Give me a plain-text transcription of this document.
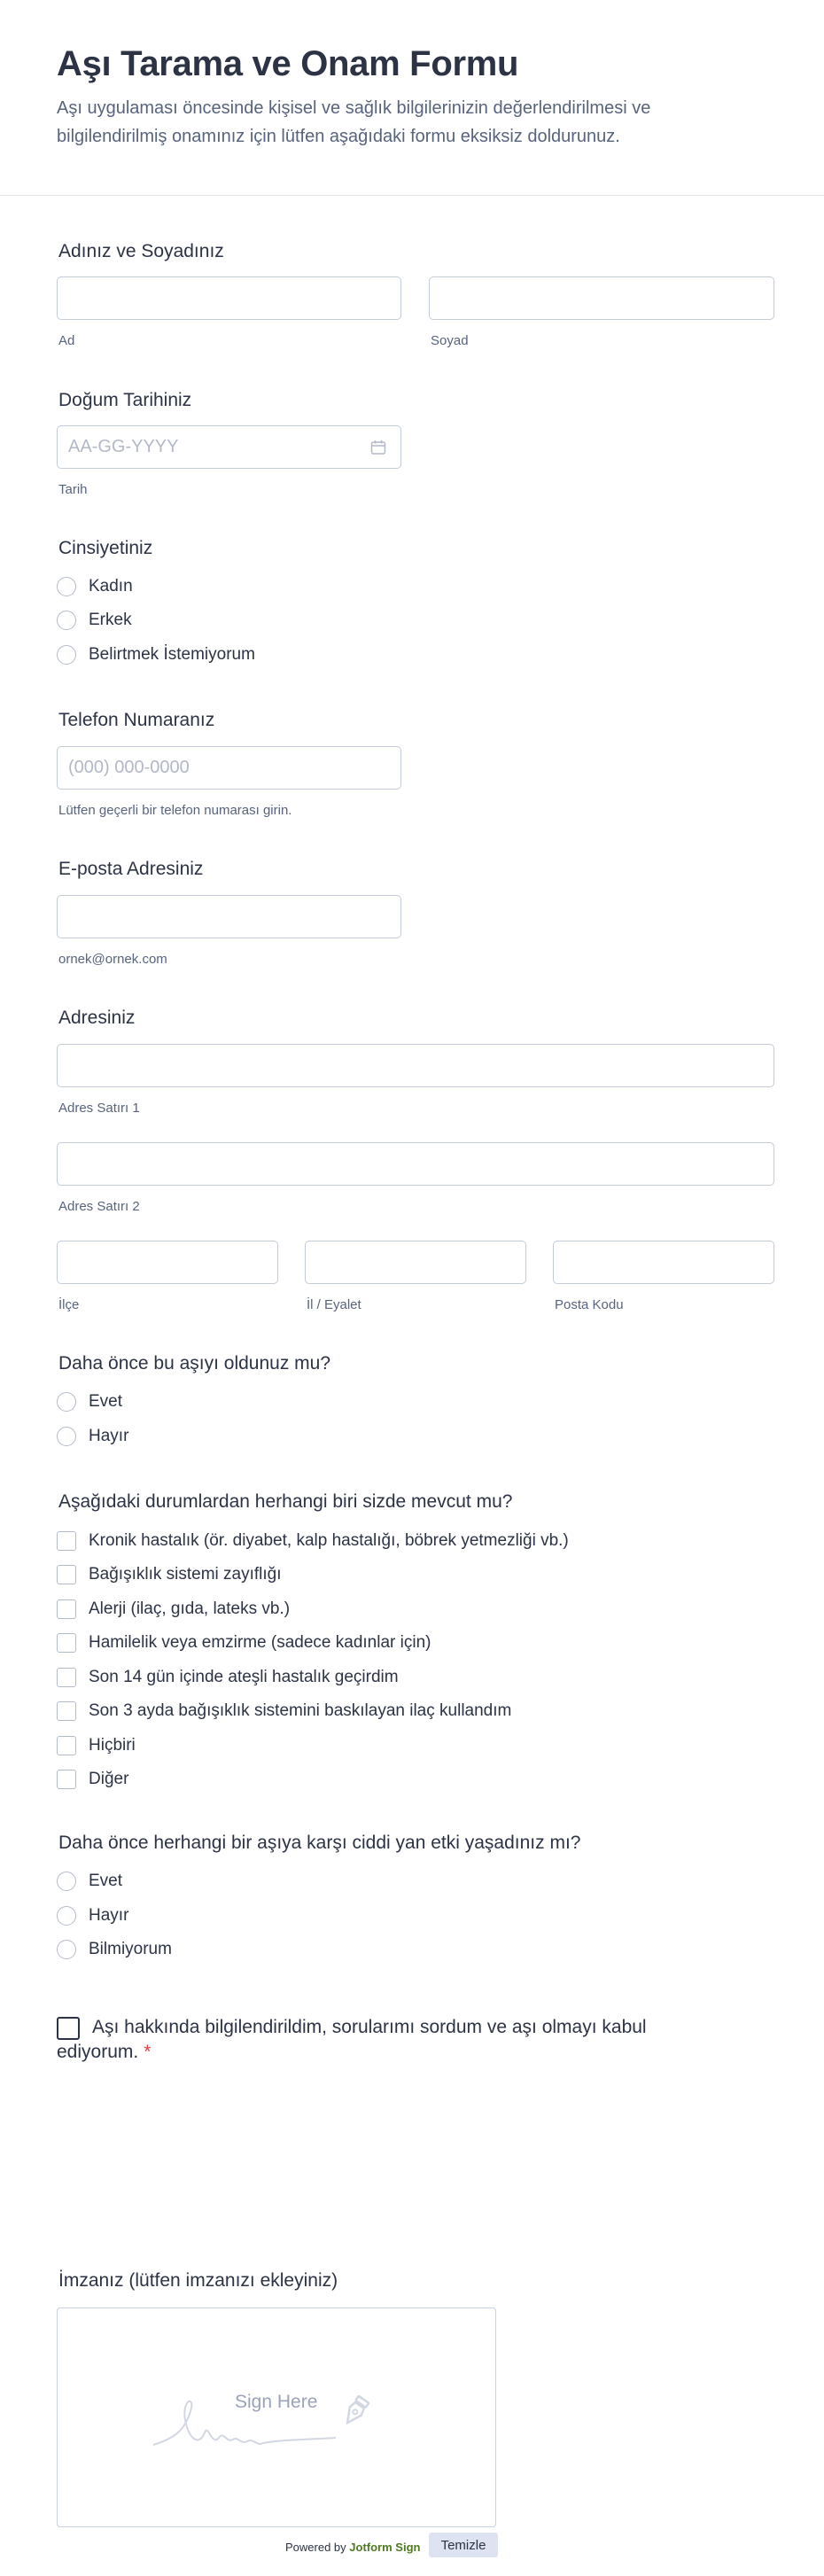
Aşı Tarama ve Onam Formu

Aşı uygulaması öncesinde kişisel ve sağlık bilgilerinizin değerlendirilmesi ve bilgilendirilmiş onamınız için lütfen aşağıdaki formu eksiksiz doldurunuz.

Adınız ve Soyadınız
Ad	Soyad
Doğum Tarihiniz
AA-GG-YYYY
Tarih
Cinsiyetiniz
Kadın
Erkek
Belirtmek İstemiyorum
Telefon Numaranız
(000) 000-0000
Lütfen geçerli bir telefon numarası girin.
E-posta Adresiniz
ornek@ornek.com
Adresiniz
Adres Satırı 1
Adres Satırı 2
İlçe	İl / Eyalet	Posta Kodu
Daha önce bu aşıyı oldunuz mu?
Evet
Hayır
Aşağıdaki durumlardan herhangi biri sizde mevcut mu?
Kronik hastalık (ör. diyabet, kalp hastalığı, böbrek yetmezliği vb.)
Bağışıklık sistemi zayıflığı
Alerji (ilaç, gıda, lateks vb.)
Hamilelik veya emzirme (sadece kadınlar için)
Son 14 gün içinde ateşli hastalık geçirdim
Son 3 ayda bağışıklık sistemini baskılayan ilaç kullandım
Hiçbiri
Diğer
Daha önce herhangi bir aşıya karşı ciddi yan etki yaşadınız mı?
Evet
Hayır
Bilmiyorum
Aşı hakkında bilgilendirildim, sorularımı sordum ve aşı olmayı kabul ediyorum. *
İmzanız (lütfen imzanızı ekleyiniz)
Sign Here
Powered by Jotform Sign	Temizle
